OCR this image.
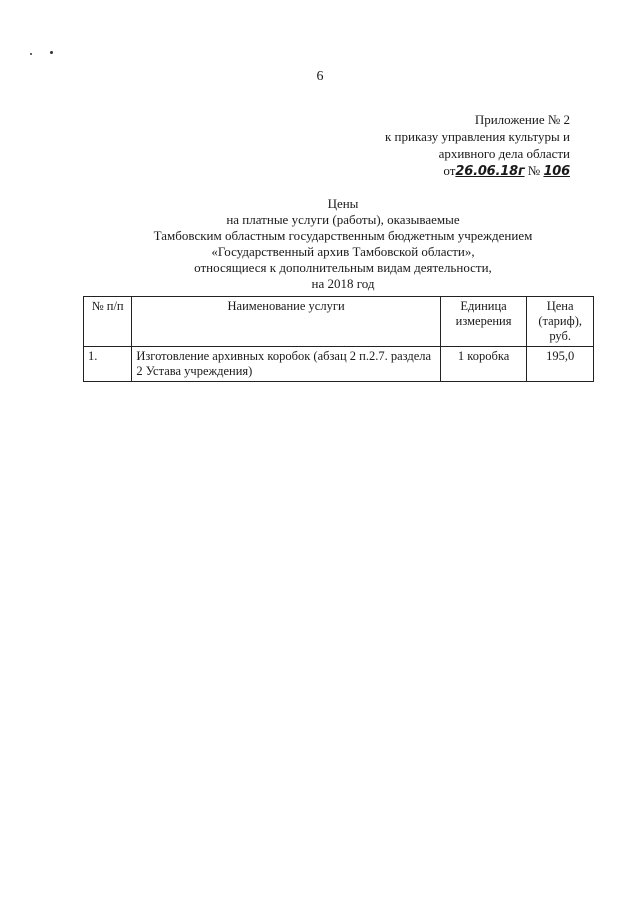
6
Приложение № 2
к приказу управления культуры и
архивного дела области
от26.06.18г № 106
Цены
на платные услуги (работы), оказываемые
Тамбовским областным государственным бюджетным учреждением
«Государственный архив Тамбовской области»,
относящиеся к дополнительным видам деятельности,
на 2018 год
№ п/п	Наименование услуги	Единица измерения	Цена (тариф), руб.
1.	Изготовление архивных коробок (абзац 2 п.2.7. раздела 2 Устава учреждения)	1 коробка	195,0
